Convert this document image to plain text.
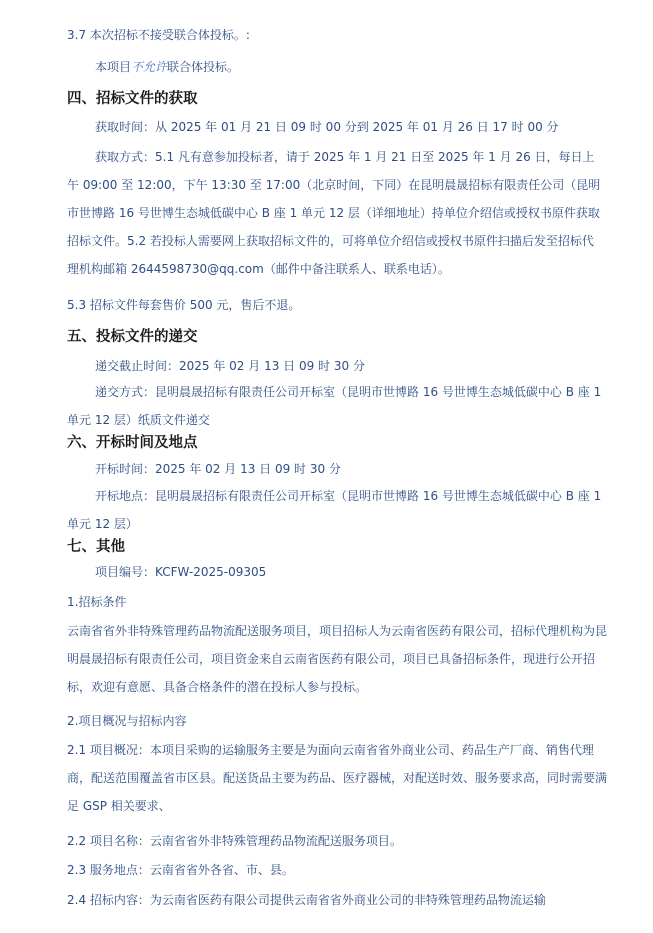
3.7 本次招标不接受联合体投标。:

本项目不允许联合体投标。

四、招标文件的获取

获取时间：从 2025 年 01 月 21 日 09 时 00 分到 2025 年 01 月 26 日 17 时 00 分

获取方式：5.1 凡有意参加投标者，请于 2025 年 1 月 21 日至 2025 年 1 月 26 日，每日上午 09:00 至 12:00，下午 13:30 至 17:00（北京时间，下同）在昆明晨晟招标有限责任公司（昆明市世博路 16 号世博生态城低碳中心 B 座 1 单元 12 层（详细地址）持单位介绍信或授权书原件获取招标文件。5.2 若投标人需要网上获取招标文件的，可将单位介绍信或授权书原件扫描后发至招标代理机构邮箱 2644598730@qq.com（邮件中备注联系人、联系电话）。

5.3 招标文件每套售价 500 元，售后不退。

五、投标文件的递交

递交截止时间：2025 年 02 月 13 日 09 时 30 分

递交方式：昆明晨晟招标有限责任公司开标室（昆明市世博路 16 号世博生态城低碳中心 B 座 1 单元 12 层）纸质文件递交

六、开标时间及地点

开标时间：2025 年 02 月 13 日 09 时 30 分

开标地点：昆明晨晟招标有限责任公司开标室（昆明市世博路 16 号世博生态城低碳中心 B 座 1 单元 12 层）

七、其他

项目编号：KCFW-2025-09305

1.招标条件

云南省省外非特殊管理药品物流配送服务项目，项目招标人为云南省医药有限公司，招标代理机构为昆明晨晟招标有限责任公司，项目资金来自云南省医药有限公司，项目已具备招标条件，现进行公开招标，欢迎有意愿、具备合格条件的潜在投标人参与投标。

2.项目概况与招标内容

2.1 项目概况：本项目采购的运输服务主要是为面向云南省省外商业公司、药品生产厂商、销售代理商，配送范围覆盖省市区县。配送货品主要为药品、医疗器械，对配送时效、服务要求高，同时需要满足 GSP 相关要求、

2.2 项目名称：云南省省外非特殊管理药品物流配送服务项目。

2.3 服务地点：云南省省外各省、市、县。

2.4 招标内容：为云南省医药有限公司提供云南省省外商业公司的非特殊管理药品物流运输
